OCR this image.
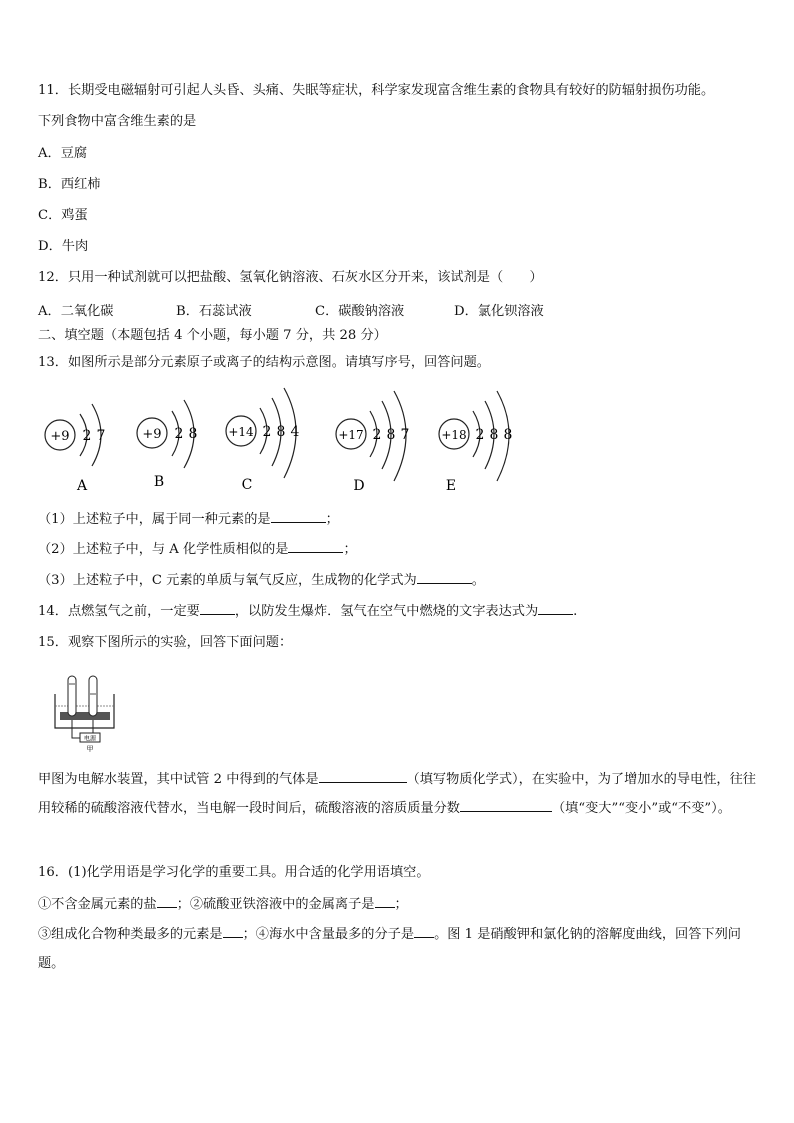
11．长期受电磁辐射可引起人头昏、头痛、失眠等症状，科学家发现富含维生素的食物具有较好的防辐射损伤功能。
下列食物中富含维生素的是
A．豆腐
B．西红柿
C．鸡蛋
D．牛肉
12．只用一种试剂就可以把盐酸、氢氧化钠溶液、石灰水区分开来，该试剂是（　　）
A．二氧化碳	B．石蕊试液	C．碳酸钠溶液	D．氯化钡溶液
二、填空题（本题包括 4 个小题，每小题 7 分，共 28 分）
13．如图所示是部分元素原子或离子的结构示意图。请填写序号，回答问题。
+9 2 7
A
+9 2 8
B
+14 2 8 4
C
+17 2 8 7
D
+18 2 8 8
E
（1）上述粒子中，属于同一种元素的是	；
（2）上述粒子中，与 A 化学性质相似的是	；
（3）上述粒子中，C 元素的单质与氧气反应，生成物的化学式为	。
14．点燃氢气之前，一定要	，以防发生爆炸．氢气在空气中燃烧的文字表达式为	.
15．观察下图所示的实验，回答下面问题：
电源
甲
甲图为电解水装置，其中试管 2 中得到的气体是	（填写物质化学式），在实验中，为了增加水的导电性，往往用较稀的硫酸溶液代替水，当电解一段时间后，硫酸溶液的溶质质量分数	（填“变大”“变小”或“不变”）。
16．(1)化学用语是学习化学的重要工具。用合适的化学用语填空。
①不含金属元素的盐 ；②硫酸亚铁溶液中的金属离子是 ；
③组成化合物种类最多的元素是 ；④海水中含量最多的分子是 。图 1 是硝酸钾和氯化钠的溶解度曲线，回答下列问题。
